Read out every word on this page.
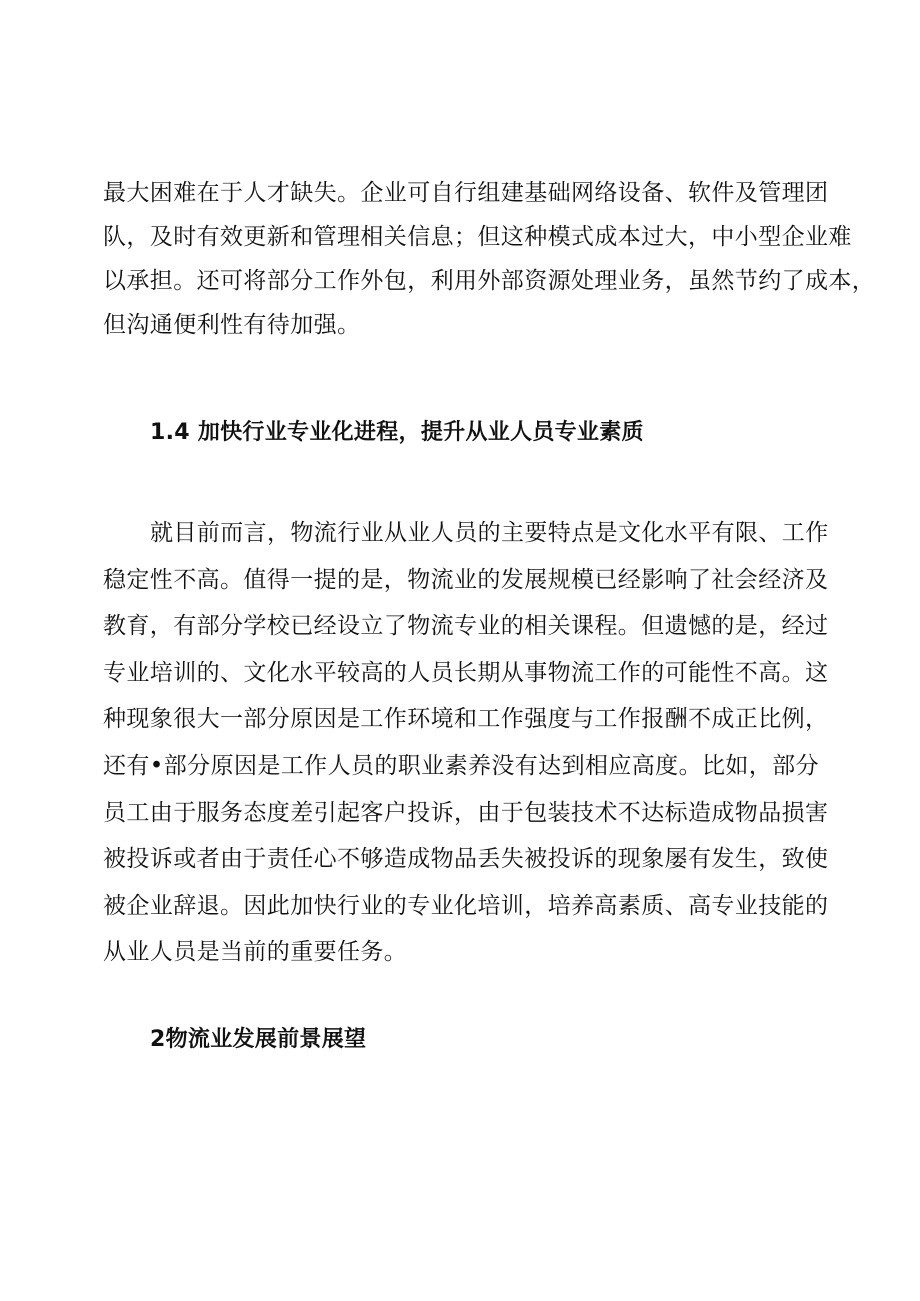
最大困难在于人才缺失。企业可自行组建基础网络设备、软件及管理团

队，及时有效更新和管理相关信息；但这种模式成本过大，中小型企业难

以承担。还可将部分工作外包，利用外部资源处理业务，虽然节约了成本，

但沟通便利性有待加强。

1.4 加快行业专业化进程，提升从业人员专业素质

就目前而言，物流行业从业人员的主要特点是文化水平有限、工作

稳定性不高。值得一提的是，物流业的发展规模已经影响了社会经济及

教育，有部分学校已经设立了物流专业的相关课程。但遗憾的是，经过

专业培训的、文化水平较高的人员长期从事物流工作的可能性不高。这

种现象很大一部分原因是工作环境和工作强度与工作报酬不成正比例，

还有•部分原因是工作人员的职业素养没有达到相应高度。比如，部分

员工由于服务态度差引起客户投诉，由于包装技术不达标造成物品损害

被投诉或者由于责任心不够造成物品丢失被投诉的现象屡有发生，致使

被企业辞退。因此加快行业的专业化培训，培养高素质、高专业技能的

从业人员是当前的重要任务。

2物流业发展前景展望
